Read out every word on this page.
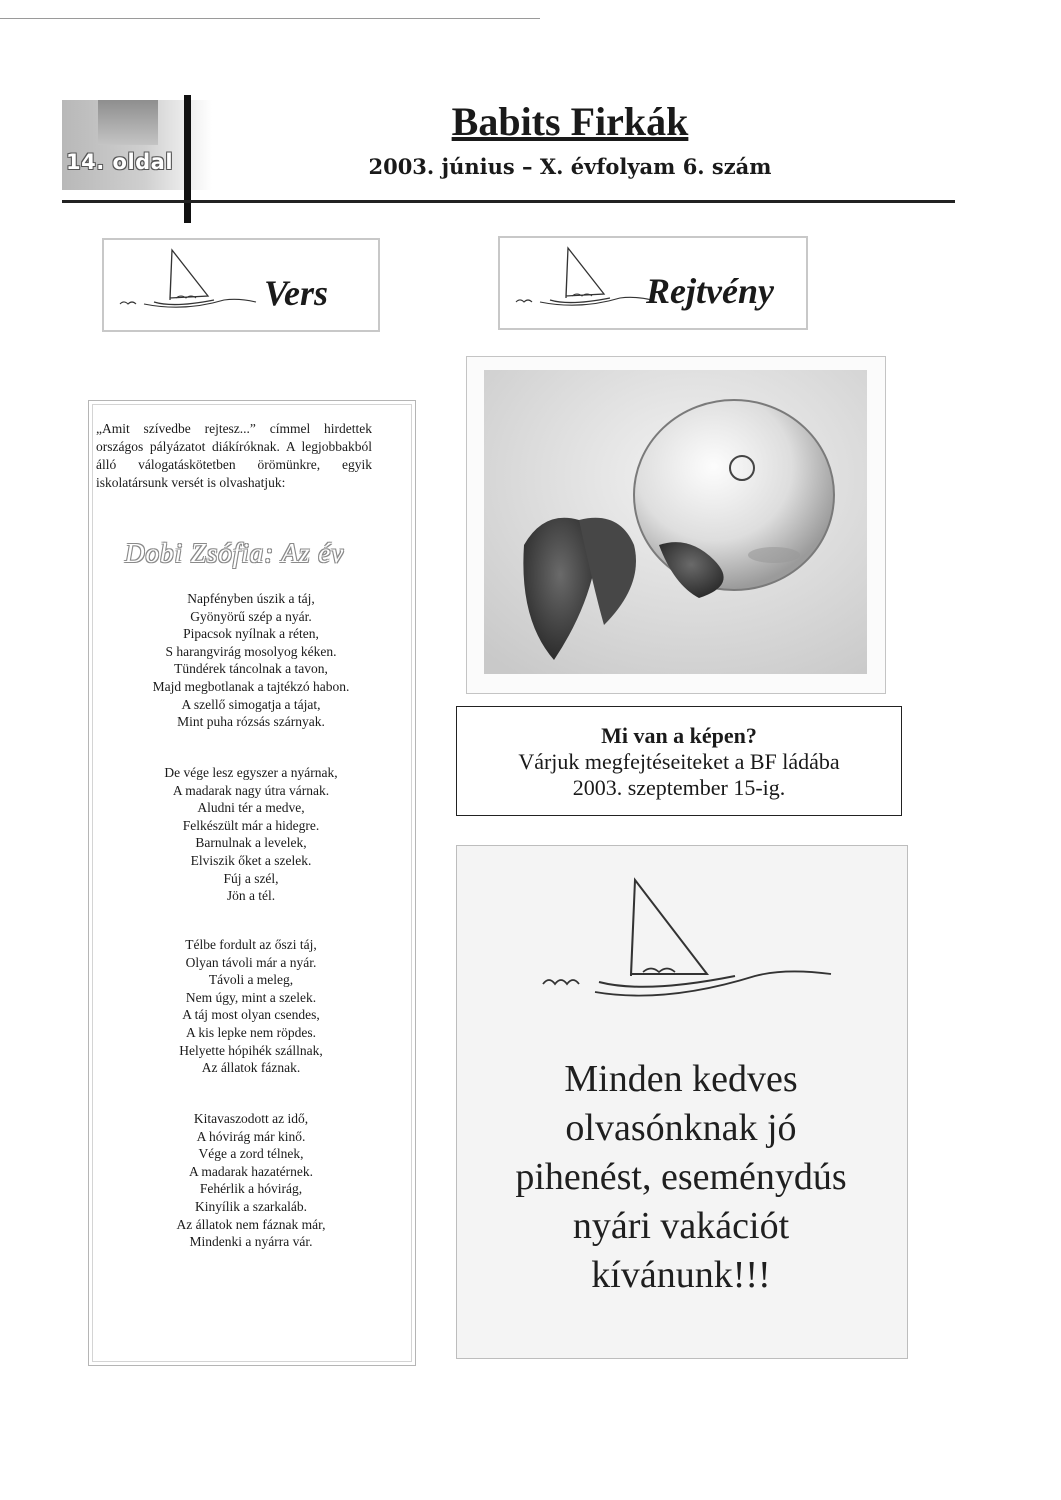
14. oldal
Babits Firkák
2003. június – X. évfolyam 6. szám
Vers	Rejtvény
„Amit szívedbe rejtesz...” címmel hirdettek országos pályázatot diákíróknak. A legjobbakból álló válogatáskötetben örömünkre, egyik iskolatársunk versét is olvashatjuk:
Dobi Zsófia: Az év
Napfényben úszik a táj,
Gyönyörű szép a nyár.
Pipacsok nyílnak a réten,
S harangvirág mosolyog kéken.
Tündérek táncolnak a tavon,
Majd megbotlanak a tajtékzó habon.
A szellő simogatja a tájat,
Mint puha rózsás szárnyak.
De vége lesz egyszer a nyárnak,
A madarak nagy útra várnak.
Aludni tér a medve,
Felkészült már a hidegre.
Barnulnak a levelek,
Elviszik őket a szelek.
Fúj a szél,
Jön a tél.
Télbe fordult az őszi táj,
Olyan távoli már a nyár.
Távoli a meleg,
Nem úgy, mint a szelek.
A táj most olyan csendes,
A kis lepke nem röpdes.
Helyette hópihék szállnak,
Az állatok fáznak.
Kitavaszodott az idő,
A hóvirág már kinő.
Vége a zord télnek,
A madarak hazatérnek.
Fehérlik a hóvirág,
Kinyílik a szarkaláb.
Az állatok nem fáznak már,
Mindenki a nyárra vár.
Mi van a képen?
Várjuk megfejtéseiteket a BF ládába
2003. szeptember 15-ig.
Minden kedves
olvasónknak jó
pihenést, eseménydús
nyári vakációt
kívánunk!!!
